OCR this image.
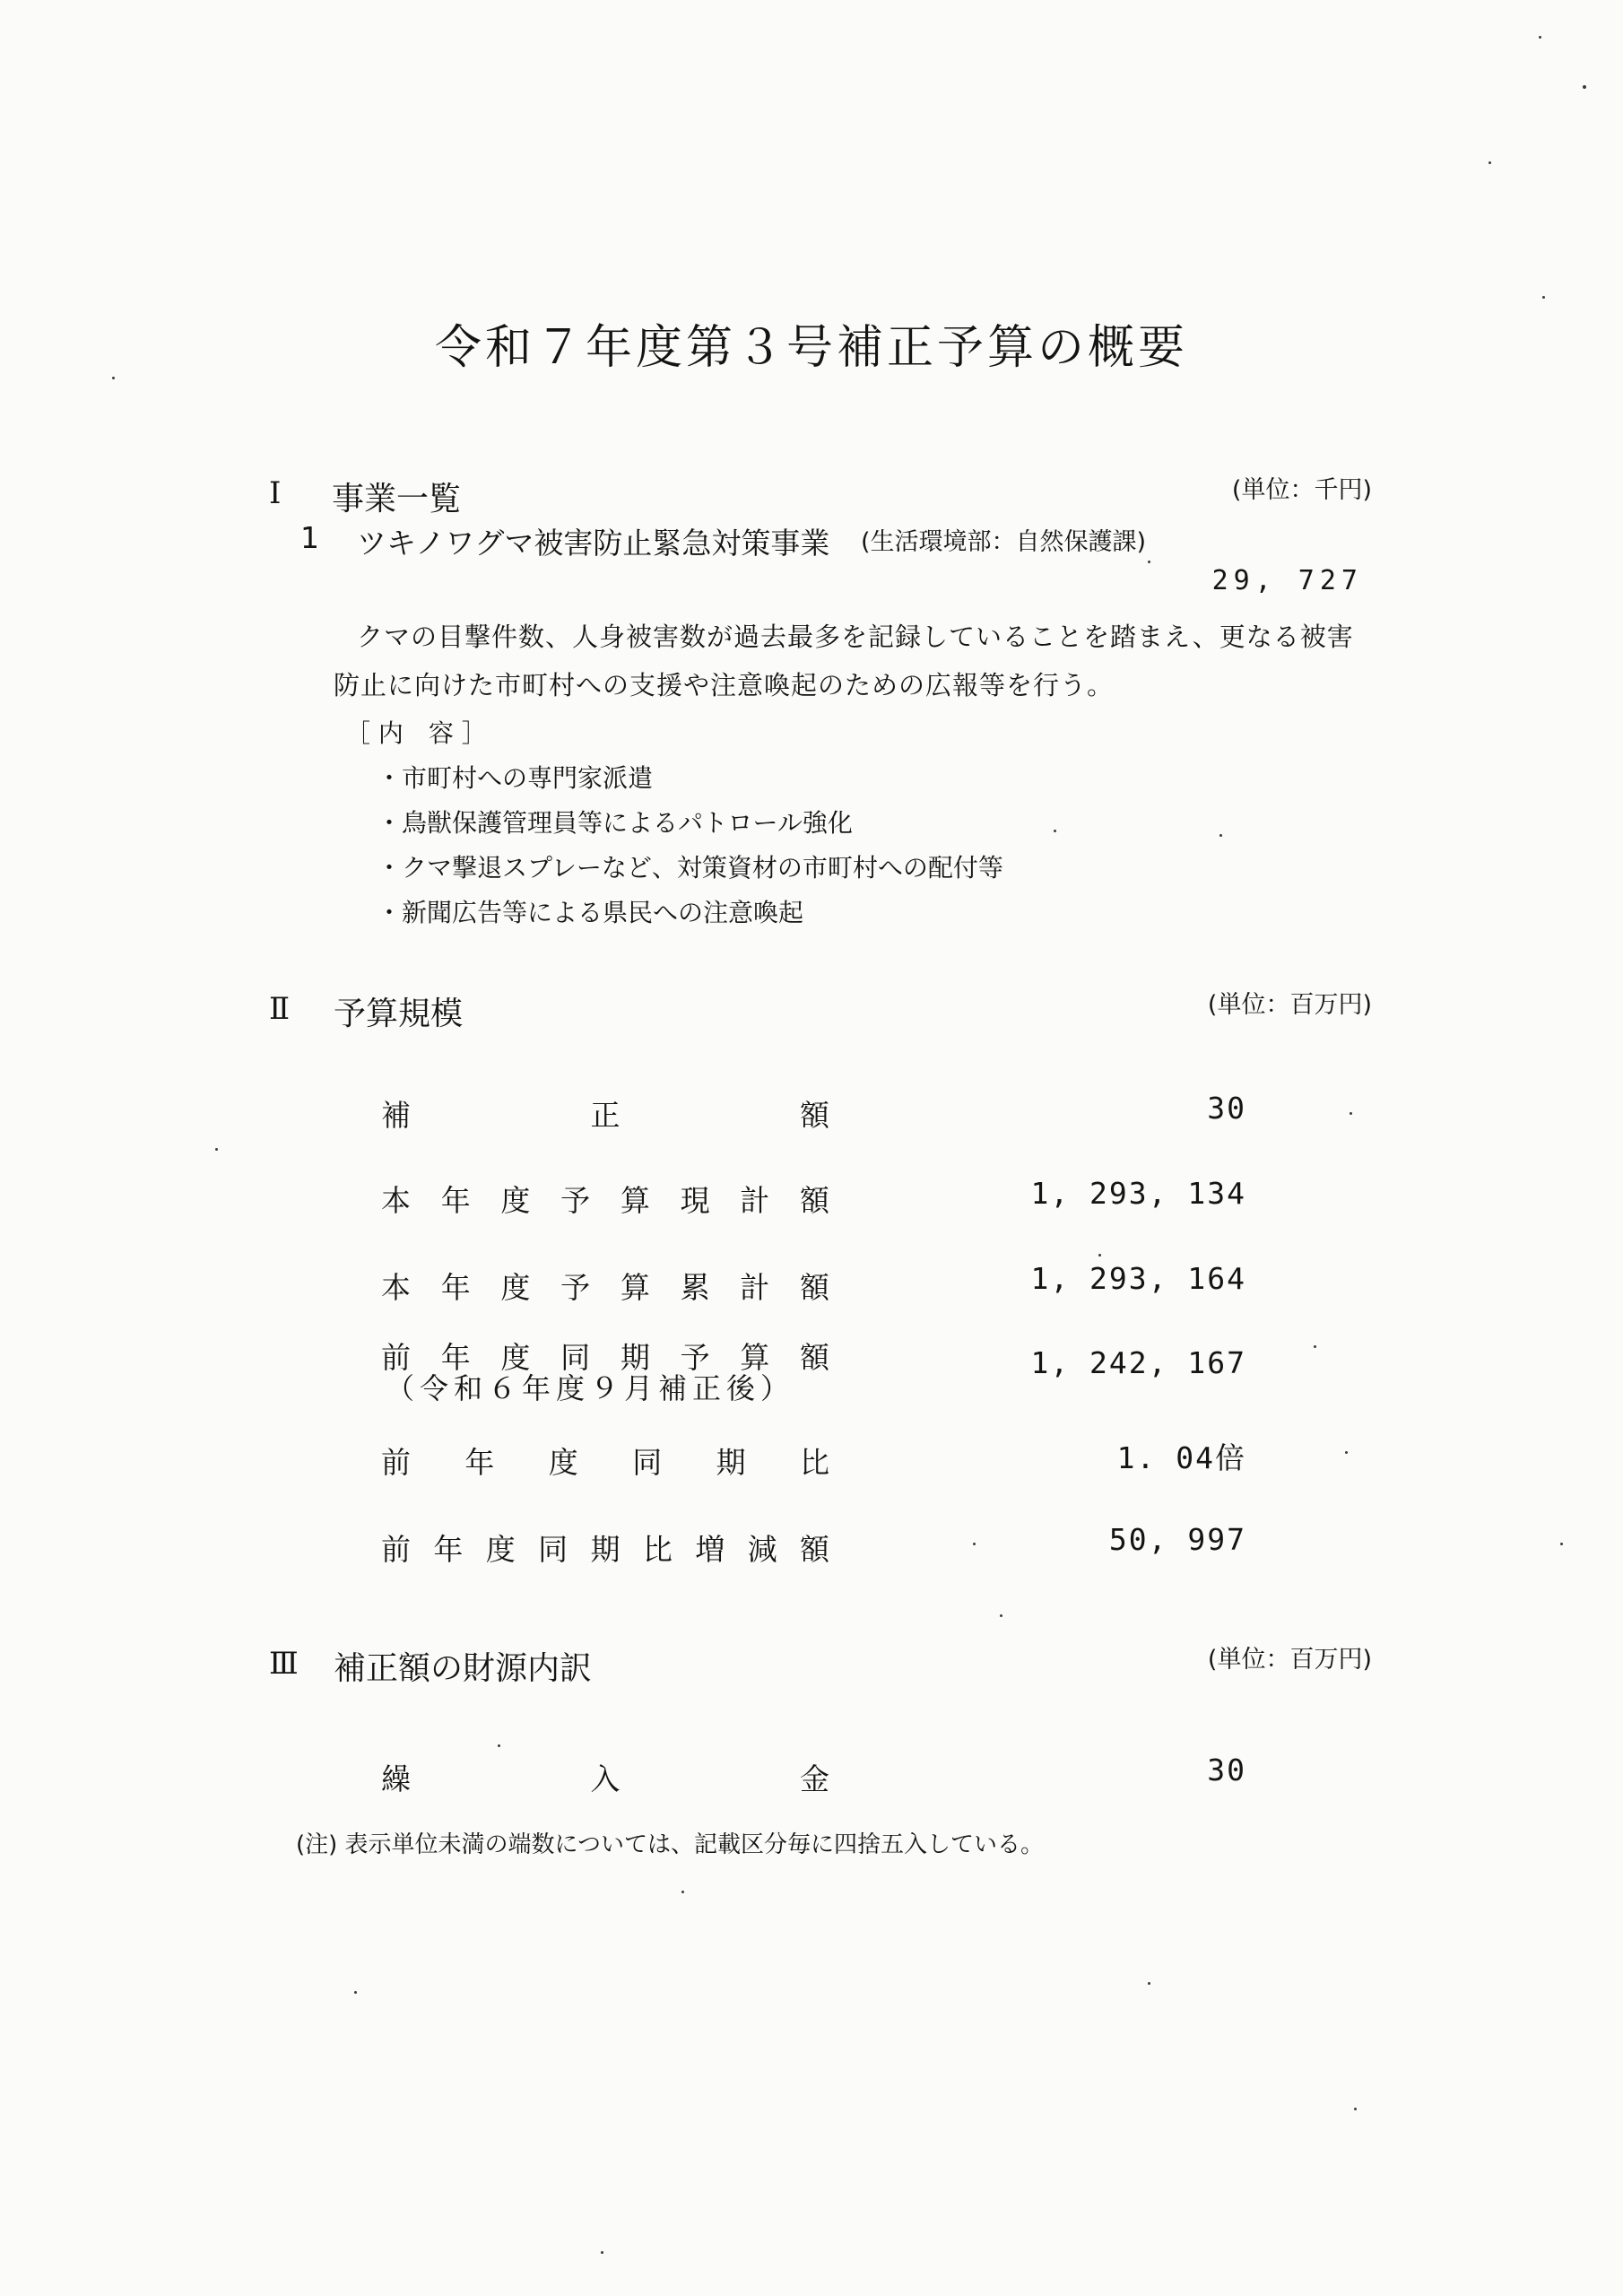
令和７年度第３号補正予算の概要
Ⅰ 事業一覧	(単位：千円)
1 ツキノワグマ被害防止緊急対策事業 (生活環境部：自然保護課)
29, 727
クマの目撃件数、人身被害数が過去最多を記録していることを踏まえ、更なる被害
防止に向けた市町村への支援や注意喚起のための広報等を行う。
［ 内　容 ］
・市町村への専門家派遣
・鳥獣保護管理員等によるパトロール強化
・クマ撃退スプレーなど、対策資材の市町村への配付等
・新聞広告等による県民への注意喚起
Ⅱ 予算規模	(単位：百万円)
補正額	30
本年度予算現計額	1, 293, 134
本年度予算累計額	1, 293, 164
前年度同期予算額
（令和６年度９月補正後）
1, 242, 167
前年度同期比	1. 04倍
前年度同期比増減額	50, 997
Ⅲ 補正額の財源内訳	(単位：百万円)
繰入金	30
(注) 表示単位未満の端数については、記載区分毎に四捨五入している。
